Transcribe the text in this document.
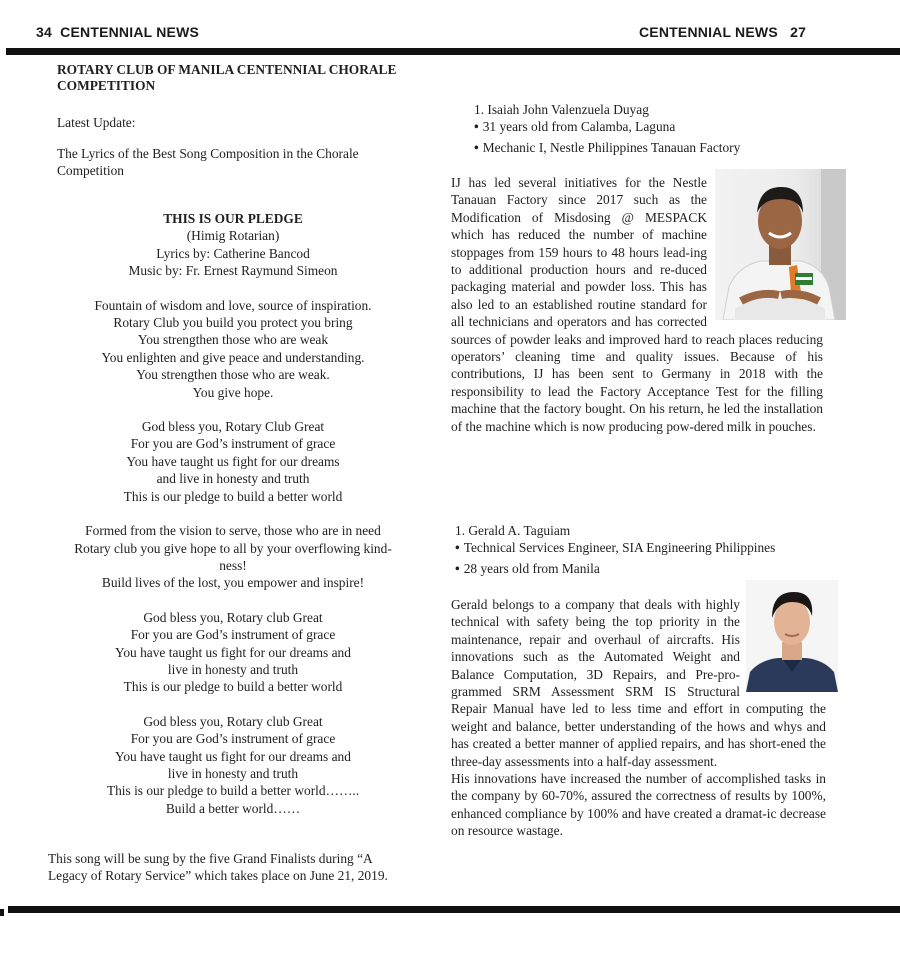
34 CENTENNIAL NEWS	CENTENNIAL NEWS 27
ROTARY CLUB OF MANILA CENTENNIAL CHORALE COMPETITION
Latest Update:
The Lyrics of the Best Song Composition in the Chorale Competition
THIS IS OUR PLEDGE
(Himig Rotarian)
Lyrics by: Catherine Bancod
Music by: Fr. Ernest Raymund Simeon
Fountain of wisdom and love, source of inspiration.
Rotary Club you build you protect you bring
You strengthen those who are weak
You enlighten and give peace and understanding.
You strengthen those who are weak.
You give hope.
God bless you, Rotary Club Great
For you are God’s instrument of grace
You have taught us fight for our dreams
and live in honesty and truth
This is our pledge to build a better world
Formed from the vision to serve, those who are in need
Rotary club you give hope to all by your overflowing kind-
ness!
Build lives of the lost, you empower and inspire!
God bless you, Rotary club Great
For you are God’s instrument of grace
You have taught us fight for our dreams and
live in honesty and truth
This is our pledge to build a better world
God bless you, Rotary club Great
For you are God’s instrument of grace
You have taught us fight for our dreams and
live in honesty and truth
This is our pledge to build a better world……..
Build a better world……
This song will be sung by the five Grand Finalists during “A Legacy of Rotary Service” which takes place on June 21, 2019.
1. Isaiah John Valenzuela Duyag
• 31 years old from Calamba, Laguna
• Mechanic I, Nestle Philippines Tanauan Factory

IJ has led several initiatives for the Nestle Tanauan Factory since 2017 such as the Modification of Misdosing @ MESPACK which has reduced the number of machine stoppages from 159 hours to 48 hours lead-ing to additional production hours and re-duced packaging material and powder loss. This has also led to an established routine standard for all technicians and operators and has corrected sources of powder leaks and improved hard to reach places reducing operators’ cleaning time and quality issues. Because of his contributions, IJ has been sent to Germany in 2018 with the responsibility to lead the Factory Acceptance Test for the filling machine that the factory bought. On his return, he led the installation of the machine which is now producing pow-dered milk in pouches.

1. Gerald A. Taguiam
• Technical Services Engineer, SIA Engineering Philippines
• 28 years old from Manila

Gerald belongs to a company that deals with highly technical with safety being the top priority in the maintenance, repair and overhaul of aircrafts. His innovations such as the Automated Weight and Balance Computation, 3D Repairs, and Pre-pro-grammed SRM Assessment SRM IS Structural Repair Manual have led to less time and effort in computing the weight and balance, better understanding of the hows and whys and has created a better manner of applied repairs, and has short-ened the three-day assessments into a half-day assessment.

His innovations have increased the number of accomplished tasks in the company by 60-70%, assured the correctness of results by 100%, enhanced compliance by 100% and have created a dramat-ic decrease on resource wastage.
